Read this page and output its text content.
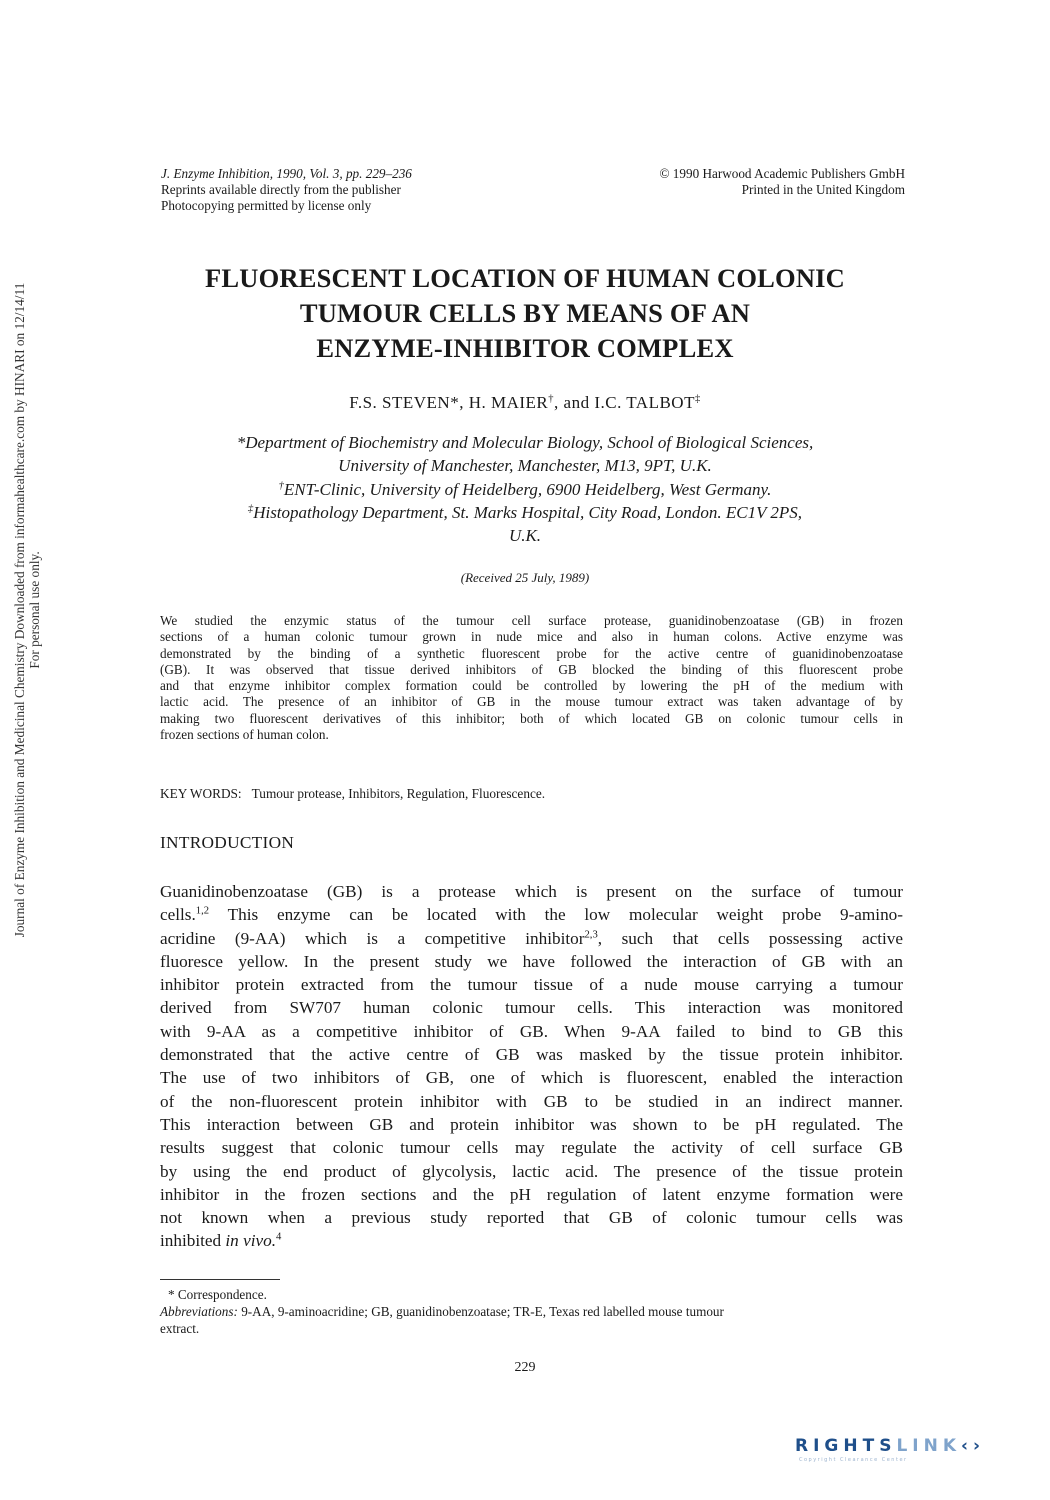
J. Enzyme Inhibition, 1990, Vol. 3, pp. 229–236
Reprints available directly from the publisher
Photocopying permitted by license only
© 1990 Harwood Academic Publishers GmbH
Printed in the United Kingdom
FLUORESCENT LOCATION OF HUMAN COLONIC
TUMOUR CELLS BY MEANS OF AN
ENZYME-INHIBITOR COMPLEX
F.S. STEVEN*, H. MAIER†, and I.C. TALBOT‡
*Department of Biochemistry and Molecular Biology, School of Biological Sciences,
University of Manchester, Manchester, M13, 9PT, U.K.
†ENT-Clinic, University of Heidelberg, 6900 Heidelberg, West Germany.
‡Histopathology Department, St. Marks Hospital, City Road, London. EC1V 2PS,
U.K.
(Received 25 July, 1989)
We studied the enzymic status of the tumour cell surface protease, guanidinobenzoatase (GB) in frozen
sections of a human colonic tumour grown in nude mice and also in human colons. Active enzyme was
demonstrated by the binding of a synthetic fluorescent probe for the active centre of guanidinobenzoatase
(GB). It was observed that tissue derived inhibitors of GB blocked the binding of this fluorescent probe
and that enzyme inhibitor complex formation could be controlled by lowering the pH of the medium with
lactic acid. The presence of an inhibitor of GB in the mouse tumour extract was taken advantage of by
making two fluorescent derivatives of this inhibitor; both of which located GB on colonic tumour cells in
frozen sections of human colon.
KEY WORDS: Tumour protease, Inhibitors, Regulation, Fluorescence.
INTRODUCTION
Guanidinobenzoatase (GB) is a protease which is present on the surface of tumour
cells.$^{1,2}$ This enzyme can be located with the low molecular weight probe 9-amino-
acridine (9-AA) which is a competitive inhibitor$^{2,3}$, such that cells possessing active
fluoresce yellow. In the present study we have followed the interaction of GB with an
inhibitor protein extracted from the tumour tissue of a nude mouse carrying a tumour
derived from SW707 human colonic tumour cells. This interaction was monitored
with 9-AA as a competitive inhibitor of GB. When 9-AA failed to bind to GB this
demonstrated that the active centre of GB was masked by the tissue protein inhibitor.
The use of two inhibitors of GB, one of which is fluorescent, enabled the interaction
of the non-fluorescent protein inhibitor with GB to be studied in an indirect manner.
This interaction between GB and protein inhibitor was shown to be pH regulated. The
results suggest that colonic tumour cells may regulate the activity of cell surface GB
by using the end product of glycolysis, lactic acid. The presence of the tissue protein
inhibitor in the frozen sections and the pH regulation of latent enzyme formation were
not known when a previous study reported that GB of colonic tumour cells was
inhibited in vivo.$^4$
* Correspondence.
Abbreviations: 9-AA, 9-aminoacridine; GB, guanidinobenzoatase; TR-E, Texas red labelled mouse tumour
extract.
229
Journal of Enzyme Inhibition and Medicinal Chemistry Downloaded from informahealthcare.com by HINARI on 12/14/11 For personal use only.
RIGHTSLINK‹›
Copyright Clearance Center
